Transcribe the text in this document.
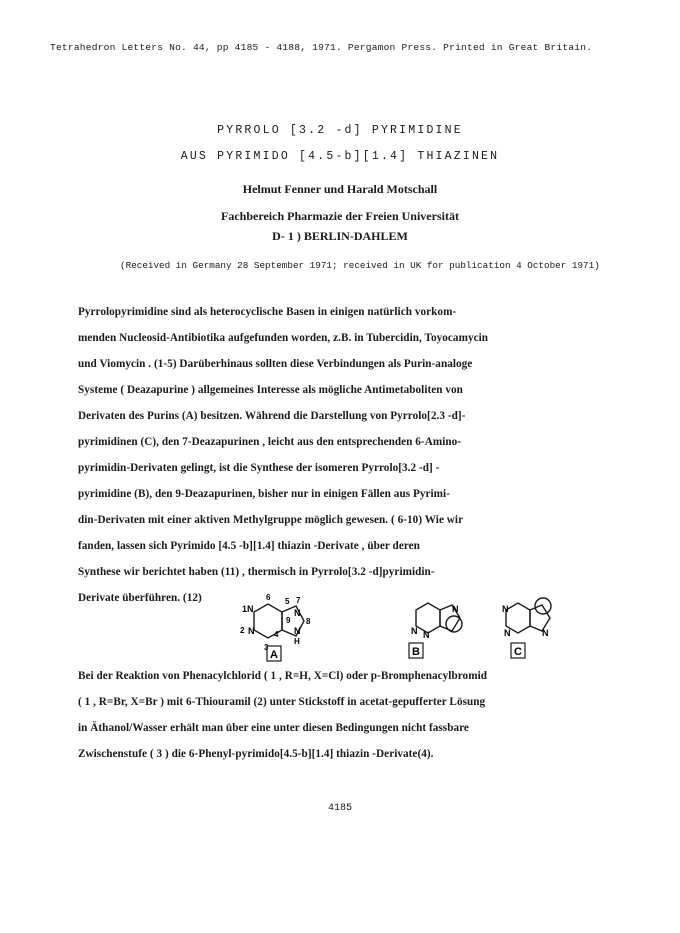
Tetrahedron Letters No. 44, pp 4185 - 4188, 1971. Pergamon Press. Printed in Great Britain.
PYRROLO [3.2 -d] PYRIMIDINE
AUS PYRIMIDO [4.5-b][1.4] THIAZINEN
Helmut Fenner und Harald Motschall
Fachbereich Pharmazie der Freien Universität
D- 1 ) BERLIN-DAHLEM
(Received in Germany 28 September 1971; received in UK for publication 4 October 1971)
Pyrrolopyrimidine sind als heterocyclische Basen in einigen natürlich vorkom-
menden Nucleosid-Antibiotika aufgefunden worden, z.B. in Tubercidin, Toyocamycin
und Viomycin . (1-5) Darüberhinaus sollten diese Verbindungen als Purin-analoge
Systeme ( Deazapurine ) allgemeines Interesse als mögliche Antimetaboliten von
Derivaten des Purins (A) besitzen. Während die Darstellung von Pyrrolo[2.3 -d]-
pyrimidinen (C), den 7-Deazapurinen , leicht aus den entsprechenden 6-Amino-
pyrimidin-Derivaten gelingt, ist die Synthese der isomeren Pyrrolo[3.2 -d] -
pyrimidine (B), den 9-Deazapurinen, bisher nur in einigen Fällen aus Pyrimi-
din-Derivaten mit einer aktiven Methylgruppe möglich gewesen. ( 6-10) Wie wir
fanden, lassen sich Pyrimido [4.5 -b][1.4] thiazin -Derivate , über deren
Synthese wir berichtet haben (11) , thermisch in Pyrrolo[3.2 -d]pyrimidin-
Derivate überführen. (12)	6 5 7
8
9
1N
2 N
3
4
N
N
H
N
N N
N
N	N
A	B	C
Bei der Reaktion von Phenacylchlorid ( 1 , R=H, X=Cl) oder p-Bromphenacylbromid
( 1 , R=Br, X=Br ) mit 6-Thiouramil (2) unter Stickstoff in acetat-gepufferter Lösung
in Äthanol/Wasser erhält man über eine unter diesen Bedingungen nicht fassbare
Zwischenstufe ( 3 ) die 6-Phenyl-pyrimido[4.5-b][1.4] thiazin -Derivate(4).
4185
